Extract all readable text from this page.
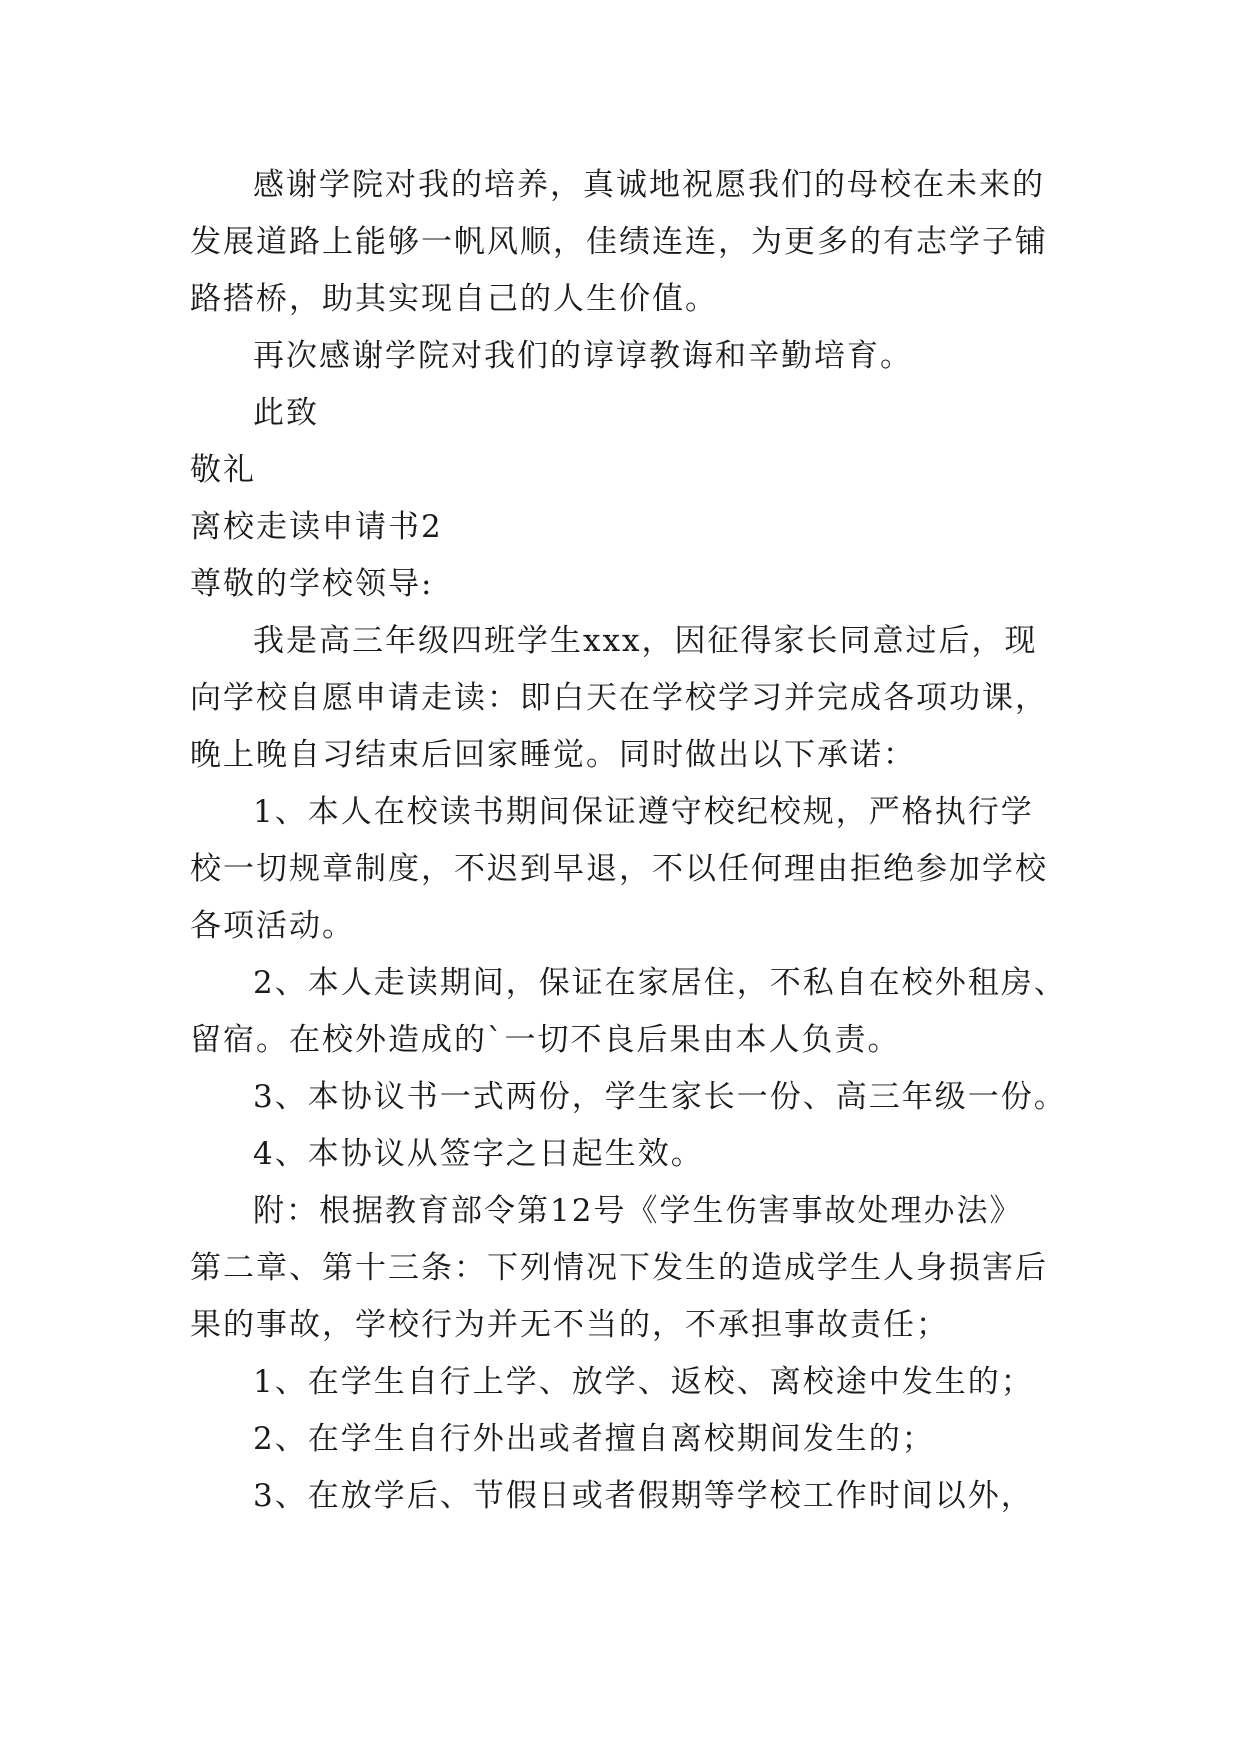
感谢学院对我的培养，真诚地祝愿我们的母校在未来的
发展道路上能够一帆风顺，佳绩连连，为更多的有志学子铺
路搭桥，助其实现自己的人生价值。
再次感谢学院对我们的谆谆教诲和辛勤培育。
此致
敬礼
离校走读申请书2
尊敬的学校领导:
我是高三年级四班学生xxx，因征得家长同意过后，现
向学校自愿申请走读：即白天在学校学习并完成各项功课，
晚上晚自习结束后回家睡觉。同时做出以下承诺：
1、本人在校读书期间保证遵守校纪校规，严格执行学
校一切规章制度，不迟到早退，不以任何理由拒绝参加学校
各项活动。
2、本人走读期间，保证在家居住，不私自在校外租房、
留宿。在校外造成的`一切不良后果由本人负责。
3、本协议书一式两份，学生家长一份、高三年级一份。
4、本协议从签字之日起生效。
附：根据教育部令第12号《学生伤害事故处理办法》
第二章、第十三条：下列情况下发生的造成学生人身损害后
果的事故，学校行为并无不当的，不承担事故责任；
1、在学生自行上学、放学、返校、离校途中发生的；
2、在学生自行外出或者擅自离校期间发生的；
3、在放学后、节假日或者假期等学校工作时间以外，
